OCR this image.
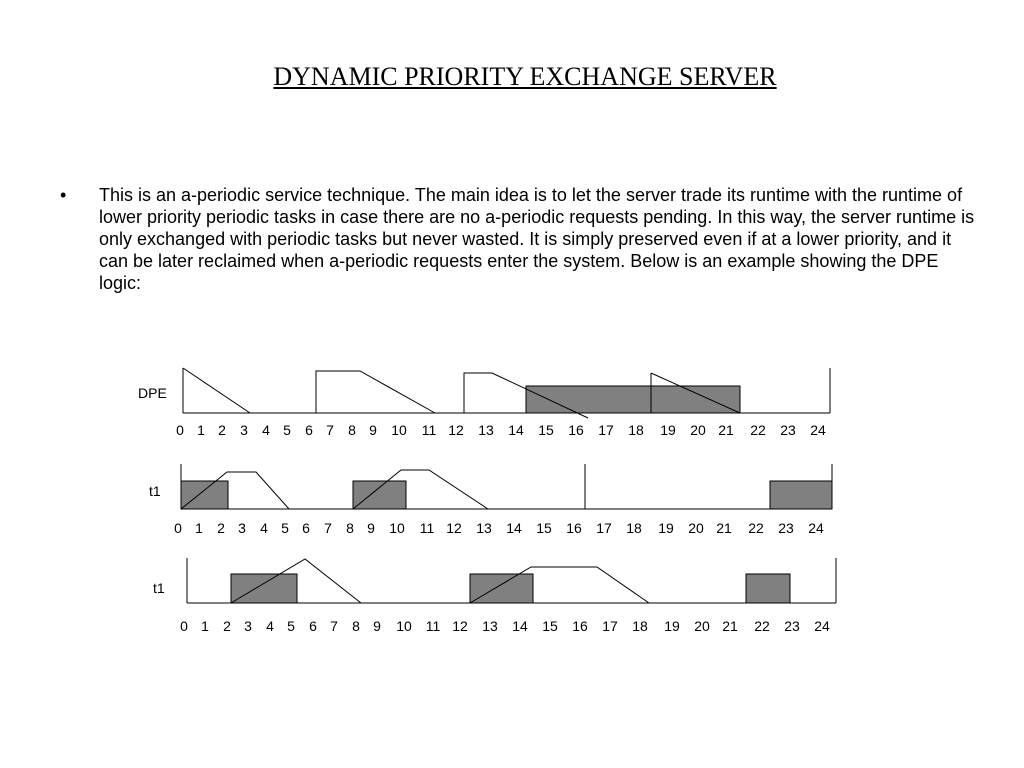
DYNAMIC PRIORITY EXCHANGE SERVER
• This is an a-periodic service technique. The main idea is to let the server trade its runtime with the runtime of lower priority periodic tasks in case there are no a-periodic requests pending. In this way, the server runtime is only exchanged with periodic tasks but never wasted. It is simply preserved even if at a lower priority, and it can be later reclaimed when a-periodic requests enter the system. Below is an example showing the DPE logic:
DPE
0 1 2 3 4 5 6 7 8 9 10 11 12 13 14 15 16 17 18 19 20 21 22 23 24
t1
0 1 2 3 4 5 6 7 8 9 10 11 12 13 14 15 16 17 18 19 20 21 22 23 24
t1
0 1 2 3 4 5 6 7 8 9 10 11 12 13 14 15 16 17 18 19 20 21 22 23 24
